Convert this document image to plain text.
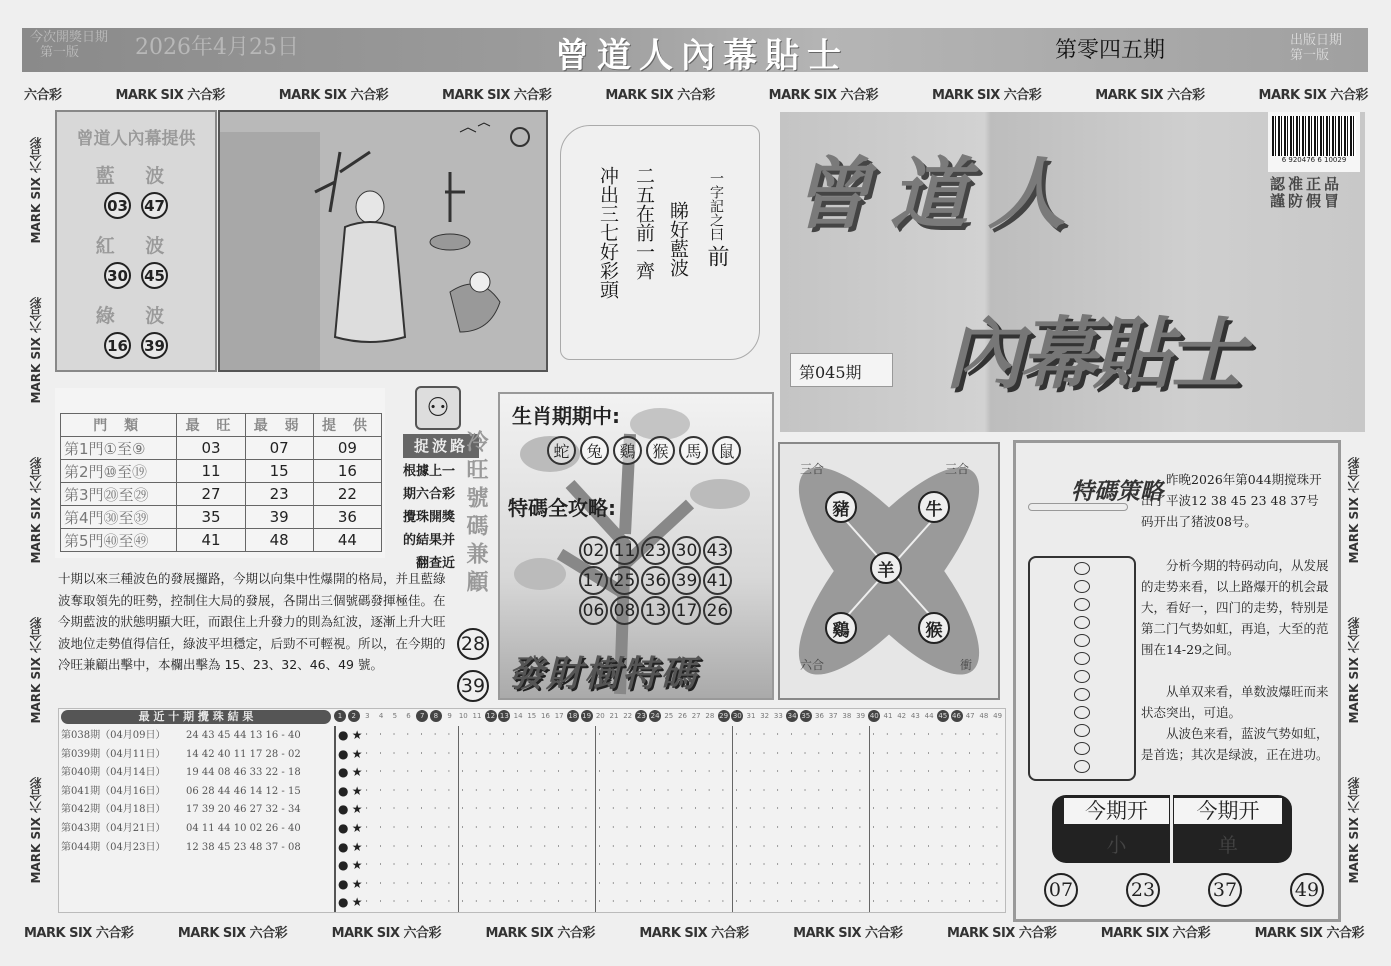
今次開獎日期
第一版	2026年4月25日	曾道人內幕貼士	第零四五期	出版日期
第一版
六合彩	MARK SIX 六合彩	MARK SIX 六合彩	MARK SIX 六合彩	MARK SIX 六合彩	MARK SIX 六合彩	MARK SIX 六合彩	MARK SIX 六合彩	MARK SIX 六合彩
MARK SIX 六合彩	MARK SIX 六合彩	MARK SIX 六合彩	MARK SIX 六合彩	MARK SIX 六合彩	MARK SIX 六合彩	MARK SIX 六合彩	MARK SIX 六合彩	MARK SIX 六合彩
MARK SIX 六合彩
MARK SIX 六合彩
MARK SIX 六合彩
MARK SIX 六合彩
MARK SIX 六合彩
MARK SIX 六合彩
MARK SIX 六合彩
MARK SIX 六合彩
曾道人內幕提供
藍 波
03 47
紅 波
30 45
綠 波
16 39
一字記之曰
前
睇好藍波
二五在前一齊
冲出三七好彩頭 曾道人
內幕貼士
第045期
6 920476 6 10029
認准正品
謹防假冒
門 類	最 旺	最 弱	提 供
第1門①至⑨	03	07	09
第2門⑩至⑲	11	15	16
第3門⑳至㉙	27	23	22
第4門㉚至㊴	35	39	36
第5門㊵至㊾	41	48	44
⚇
捉波路
根據上一期六合彩攪珠開獎的結果并翻查近 冷旺號碼兼顧
28
39
十期以來三種波色的發展攞路，今期以向集中性爆開的格局，并且藍綠波奪取領先的旺勢，控制住大局的發展，各開出三個號碼發揮極佳。在今期藍波的狀態明顯大旺，而跟住上升發力的則為紅波，逐漸上升大旺波地位走勢值得信任，綠波平坦穩定，后勁不可輕視。所以，在今期的冷旺兼顧出擊中，本欄出擊為 15、23、32、46、49 號。
生肖期期中:
蛇	兔	鷄	猴	馬	鼠
特碼全攻略:
02 11 23 30 43
17 25 36 39 41
06 08 13 17 26
發財樹特碼
三合	三合
六合	衝
豬	牛
羊
鷄	猴
特碼策略 昨晚2026年第044期搅珠开出了平波12 38 45 23 48 37号码开出了猪波08号。
分析今期的特码动向，从发展的走势来看，以上路爆开的机会最大，看好一，四门的走势，特别是第二门气势如虹，再追，大至的范围在14-29之间。
从单双来看，单数波爆旺而来状态突出，可追。
从波色来看，蓝波气势如虹，是首选；其次是绿波，正在进功。
今期开	今期开
小	单
07	23	37	49
最 近 十 期 攪 珠 結 果	1	2	3	4	5	6	7	8	9	10 11 12 13 14 15 16 17 18 19 20 21 22 23 24 25 26 27 28 29 30 31 32 33 34 35 36 37 38 39 40 41 42 43 44 45 46 47 48 49
第038期（04月09日） 24 43 45 44 13 16 - 40
第039期（04月11日） 14 42 40 11 17 28 - 02
第040期（04月14日） 19 44 08 46 33 22 - 18
第041期（04月16日） 06 28 44 46 14 12 - 15
第042期（04月18日） 17 39 20 46 27 32 - 34
第043期（04月21日） 04 11 44 10 02 26 - 40
第044期（04月23日） 12 38 45 23 48 37 - 08
● ★ · · · · · · · · · · · · · · · · · · · · · · · · · · · · · · · · · · · · · · · · · · · · · · ·
● ★ · · · · · · · · · · · · · · · · · · · · · · · · · · · · · · · · · · · · · · · · · · · · · · ·
● ★ · · · · · · · · · · · · · · · · · · · · · · · · · · · · · · · · · · · · · · · · · · · · · · ·
● ★ · · · · · · · · · · · · · · · · · · · · · · · · · · · · · · · · · · · · · · · · · · · · · · ·
● ★ · · · · · · · · · · · · · · · · · · · · · · · · · · · · · · · · · · · · · · · · · · · · · · ·
● ★ · · · · · · · · · · · · · · · · · · · · · · · · · · · · · · · · · · · · · · · · · · · · · · ·
● ★ · · · · · · · · · · · · · · · · · · · · · · · · · · · · · · · · · · · · · · · · · · · · · · ·
● ★ · · · · · · · · · · · · · · · · · · · · · · · · · · · · · · · · · · · · · · · · · · · · · · ·
● ★ · · · · · · · · · · · · · · · · · · · · · · · · · · · · · · · · · · · · · · · · · · · · · · ·
● ★ · · · · · · · · · · · · · · · · · · · · · · · · · · · · · · · · · · · · · · · · · · · · · · ·
